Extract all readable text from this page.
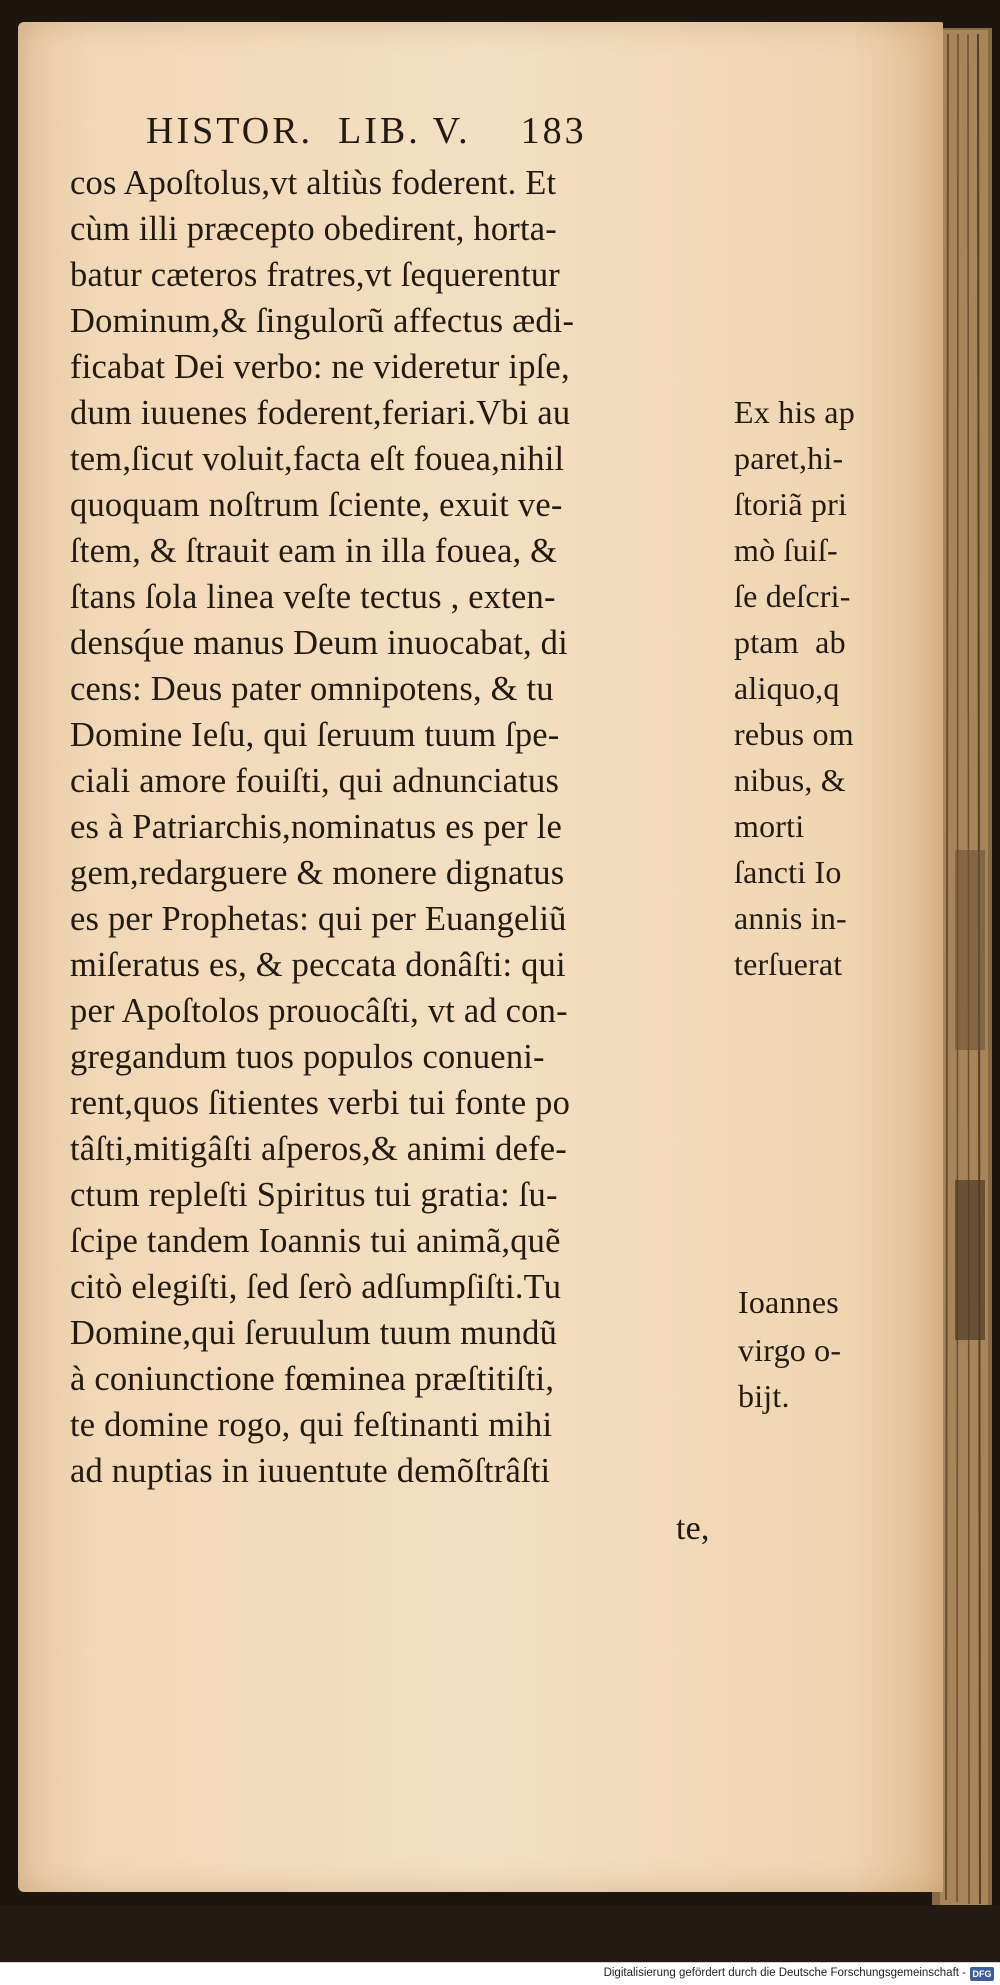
HISTOR.  LIB. V.    183
cos Apoſtolus,vt altiùs foderent. Et
cùm illi præcepto obedirent, horta-
batur cæteros fratres,vt ſequerentur
Dominum,& ſingulorũ affectus ædi-
ficabat Dei verbo: ne videretur ipſe,
dum iuuenes foderent,feriari.Vbi au
tem,ſicut voluit,facta eſt fouea,nihil
quoquam noſtrum ſciente, exuit ve-
ſtem, & ſtrauit eam in illa fouea, &
ſtans ſola linea veſte tectus , exten-
densq́ue manus Deum inuocabat, di
cens: Deus pater omnipotens, & tu
Domine Ieſu, qui ſeruum tuum ſpe-
ciali amore fouiſti, qui adnunciatus
es à Patriarchis,nominatus es per le
gem,redarguere & monere dignatus
es per Prophetas: qui per Euangeliũ
miſeratus es, & peccata donâſti: qui
per Apoſtolos prouocâſti, vt ad con-
gregandum tuos populos conueni-
rent,quos ſitientes verbi tui fonte po
tâſti,mitigâſti aſperos,& animi defe-
ctum repleſti Spiritus tui gratia: ſu-
ſcipe tandem Ioannis tui animã,quẽ
citò elegiſti, ſed ſerò adſumpſiſti.Tu
Domine,qui ſeruulum tuum mundũ
à coniunctione fœminea præſtitiſti,
te domine rogo, qui feſtinanti mihi
ad nuptias in iuuentute demõſtrâſti
te,
Ex his ap
paret,hi-
ſtoriã pri
mò ſuiſ-
ſe deſcri-
ptam  ab
aliquo,q
rebus om
nibus, &
morti
ſancti Io
annis in-
terſuerat
Ioannes
virgo o-
bijt.
Digitalisierung gefördert durch die Deutsche Forschungsgemeinschaft - DFG
